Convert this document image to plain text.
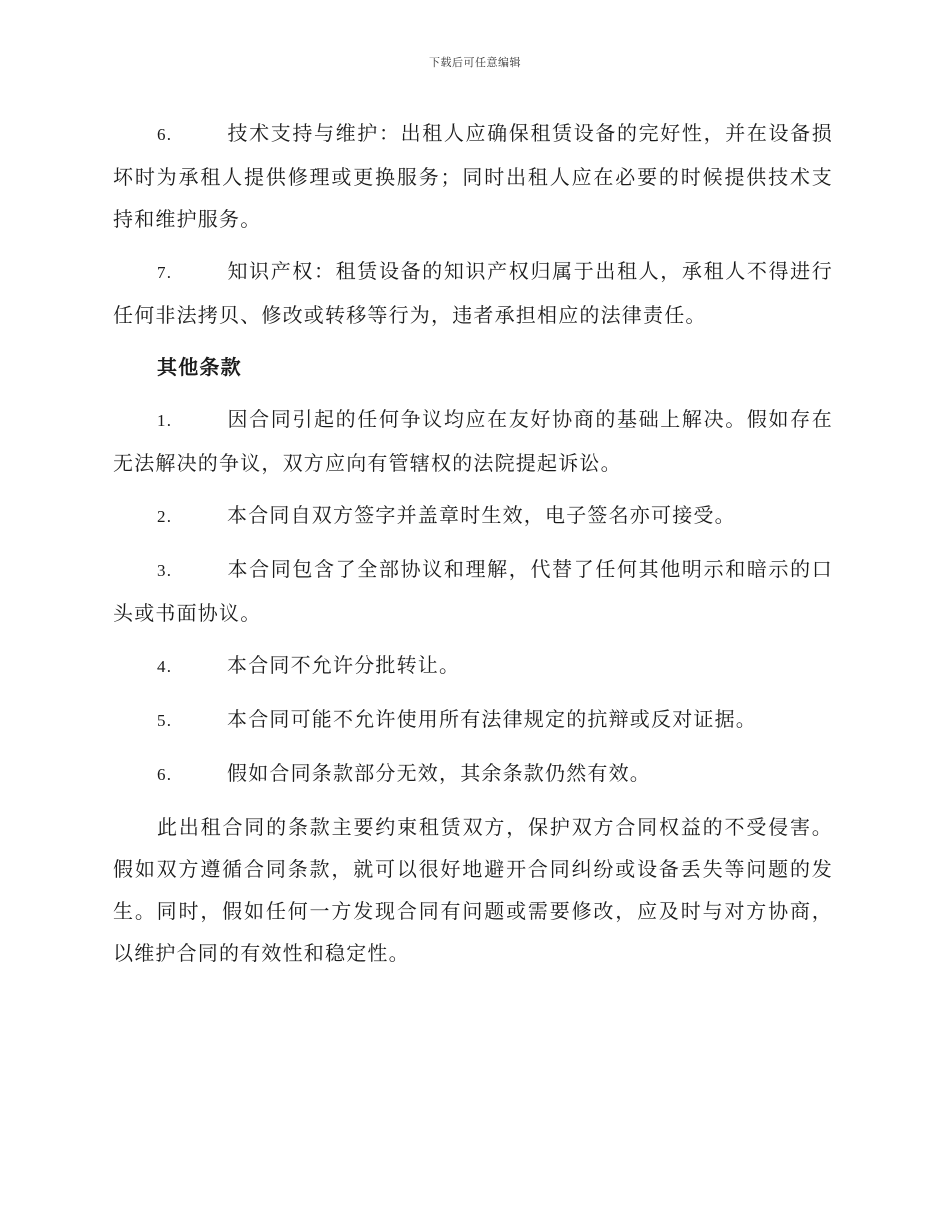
下载后可任意编辑

6.	技术支持与维护：出租人应确保租赁设备的完好性，并在设备损坏时为承租人提供修理或更换服务；同时出租人应在必要的时候提供技术支持和维护服务。

7.	知识产权：租赁设备的知识产权归属于出租人，承租人不得进行任何非法拷贝、修改或转移等行为，违者承担相应的法律责任。

其他条款

1.	因合同引起的任何争议均应在友好协商的基础上解决。假如存在无法解决的争议，双方应向有管辖权的法院提起诉讼。

2.	本合同自双方签字并盖章时生效，电子签名亦可接受。

3.	本合同包含了全部协议和理解，代替了任何其他明示和暗示的口头或书面协议。

4.	本合同不允许分批转让。

5.	本合同可能不允许使用所有法律规定的抗辩或反对证据。

6.	假如合同条款部分无效，其余条款仍然有效。

此出租合同的条款主要约束租赁双方，保护双方合同权益的不受侵害。假如双方遵循合同条款，就可以很好地避开合同纠纷或设备丢失等问题的发生。同时，假如任何一方发现合同有问题或需要修改，应及时与对方协商，以维护合同的有效性和稳定性。
